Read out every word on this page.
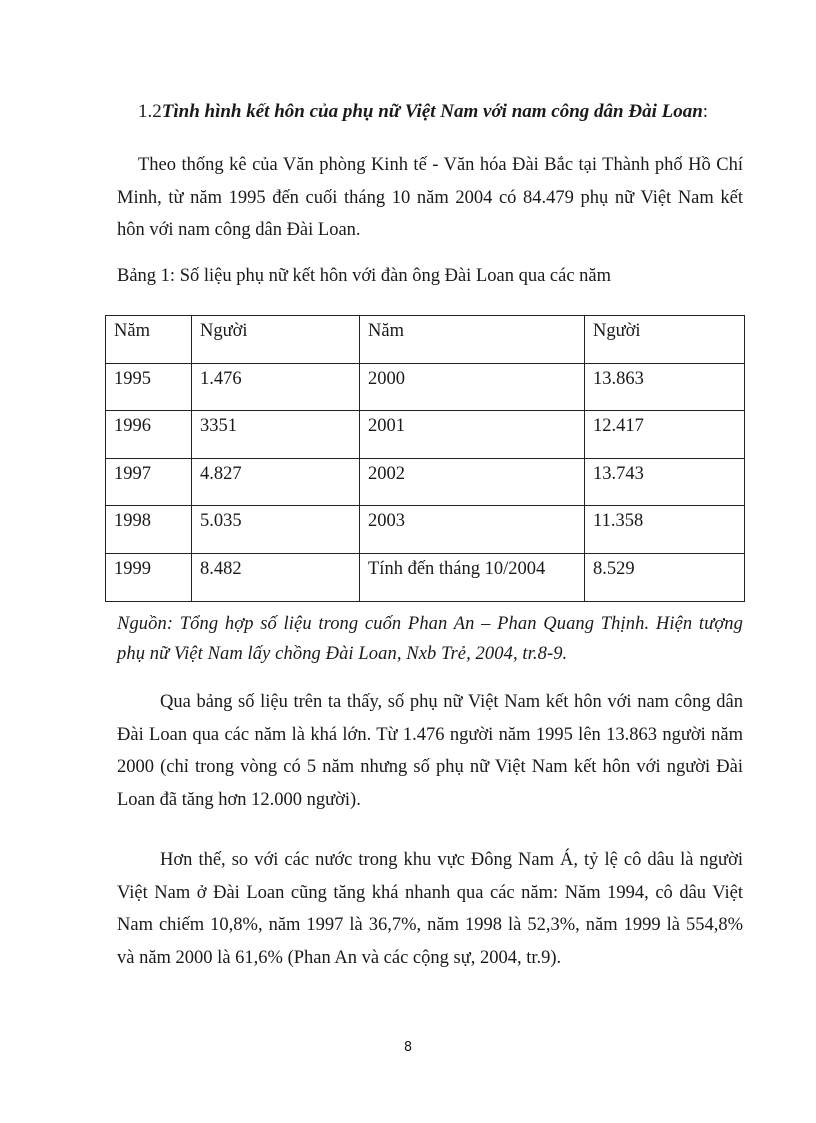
1.2Tình hình kết hôn của phụ nữ Việt Nam với nam công dân Đài Loan:

Theo thống kê của Văn phòng Kinh tế - Văn hóa Đài Bắc tại Thành phố Hồ Chí Minh, từ năm 1995 đến cuối tháng 10 năm 2004 có 84.479 phụ nữ Việt Nam kết hôn với nam công dân Đài Loan.

Bảng 1: Số liệu phụ nữ kết hôn với đàn ông Đài Loan qua các năm

Năm	Người	Năm	Người
1995	1.476	2000	13.863
1996	3351	2001	12.417
1997	4.827	2002	13.743
1998	5.035	2003	11.358
1999	8.482	Tính đến tháng 10/2004	8.529

Nguồn: Tổng hợp số liệu trong cuốn Phan An – Phan Quang Thịnh. Hiện tượng phụ nữ Việt Nam lấy chồng Đài Loan, Nxb Trẻ, 2004, tr.8-9.

Qua bảng số liệu trên ta thấy, số phụ nữ Việt Nam kết hôn với nam công dân Đài Loan qua các năm là khá lớn. Từ 1.476 người năm 1995 lên 13.863 người năm 2000 (chỉ trong vòng có 5 năm nhưng số phụ nữ Việt Nam kết hôn với người Đài Loan đã tăng hơn 12.000 người).

Hơn thế, so với các nước trong khu vực Đông Nam Á, tỷ lệ cô dâu là người Việt Nam ở Đài Loan cũng tăng khá nhanh qua các năm: Năm 1994, cô dâu Việt Nam chiếm 10,8%, năm 1997 là 36,7%, năm 1998 là 52,3%, năm 1999 là 554,8% và năm 2000 là 61,6% (Phan An và các cộng sự, 2004, tr.9).

8
